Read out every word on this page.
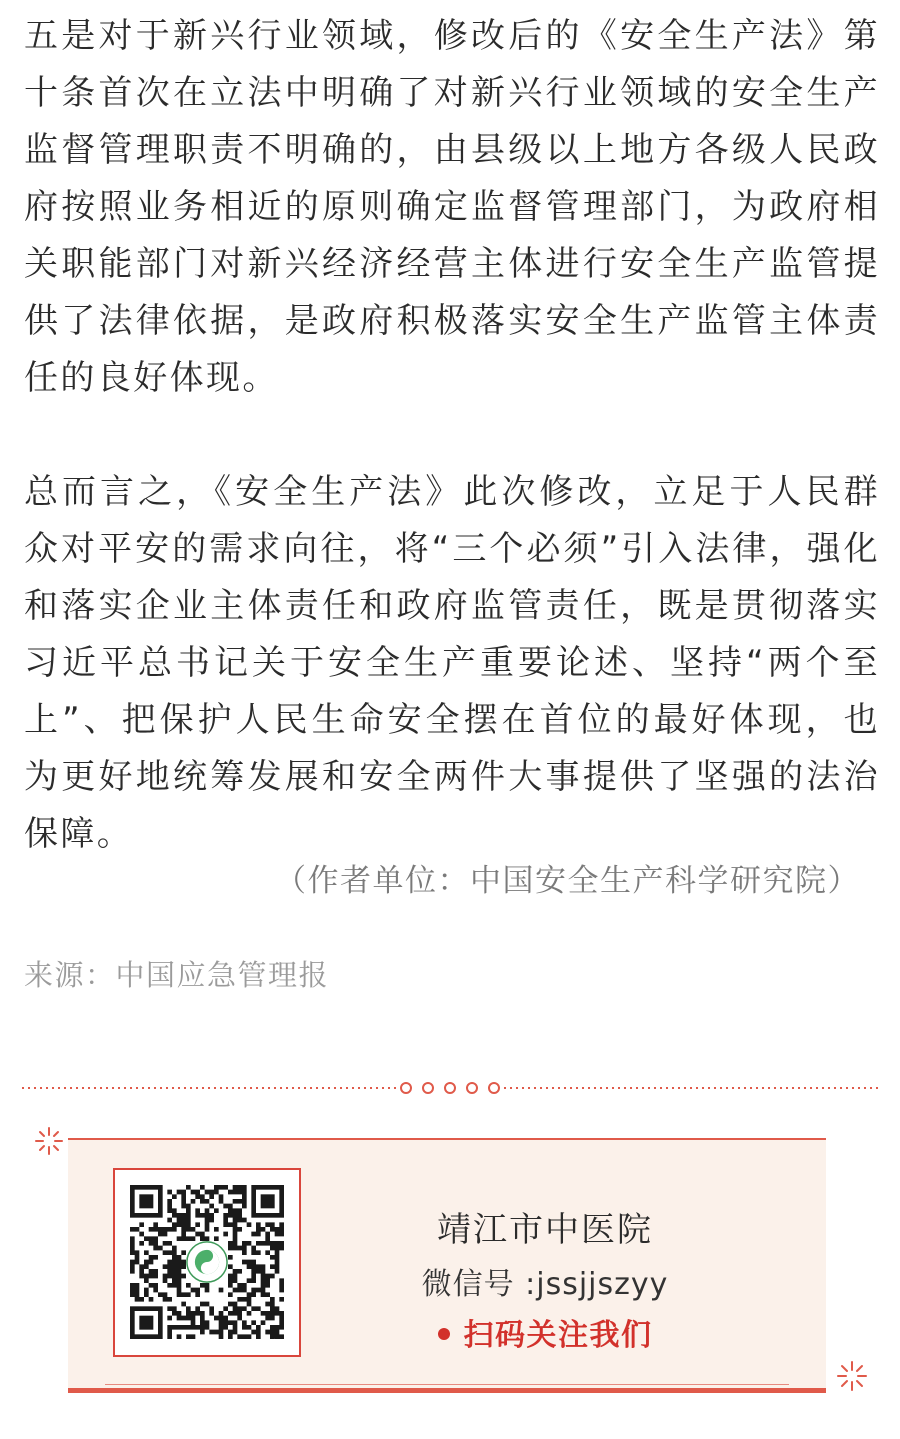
五是对于新兴行业领域，修改后的《安全生产法》第十条首次在立法中明确了对新兴行业领域的安全生产监督管理职责不明确的，由县级以上地方各级人民政府按照业务相近的原则确定监督管理部门，为政府相关职能部门对新兴经济经营主体进行安全生产监管提供了法律依据，是政府积极落实安全生产监管主体责任的良好体现。

总而言之，《安全生产法》此次修改，立足于人民群众对平安的需求向往，将“三个必须”引入法律，强化和落实企业主体责任和政府监管责任，既是贯彻落实习近平总书记关于安全生产重要论述、坚持“两个至上”、把保护人民生命安全摆在首位的最好体现，也为更好地统筹发展和安全两件大事提供了坚强的法治保障。

（作者单位：中国安全生产科学研究院）
来源：中国应急管理报
靖江市中医院
微信号 :jssjjszyy
扫码关注我们
